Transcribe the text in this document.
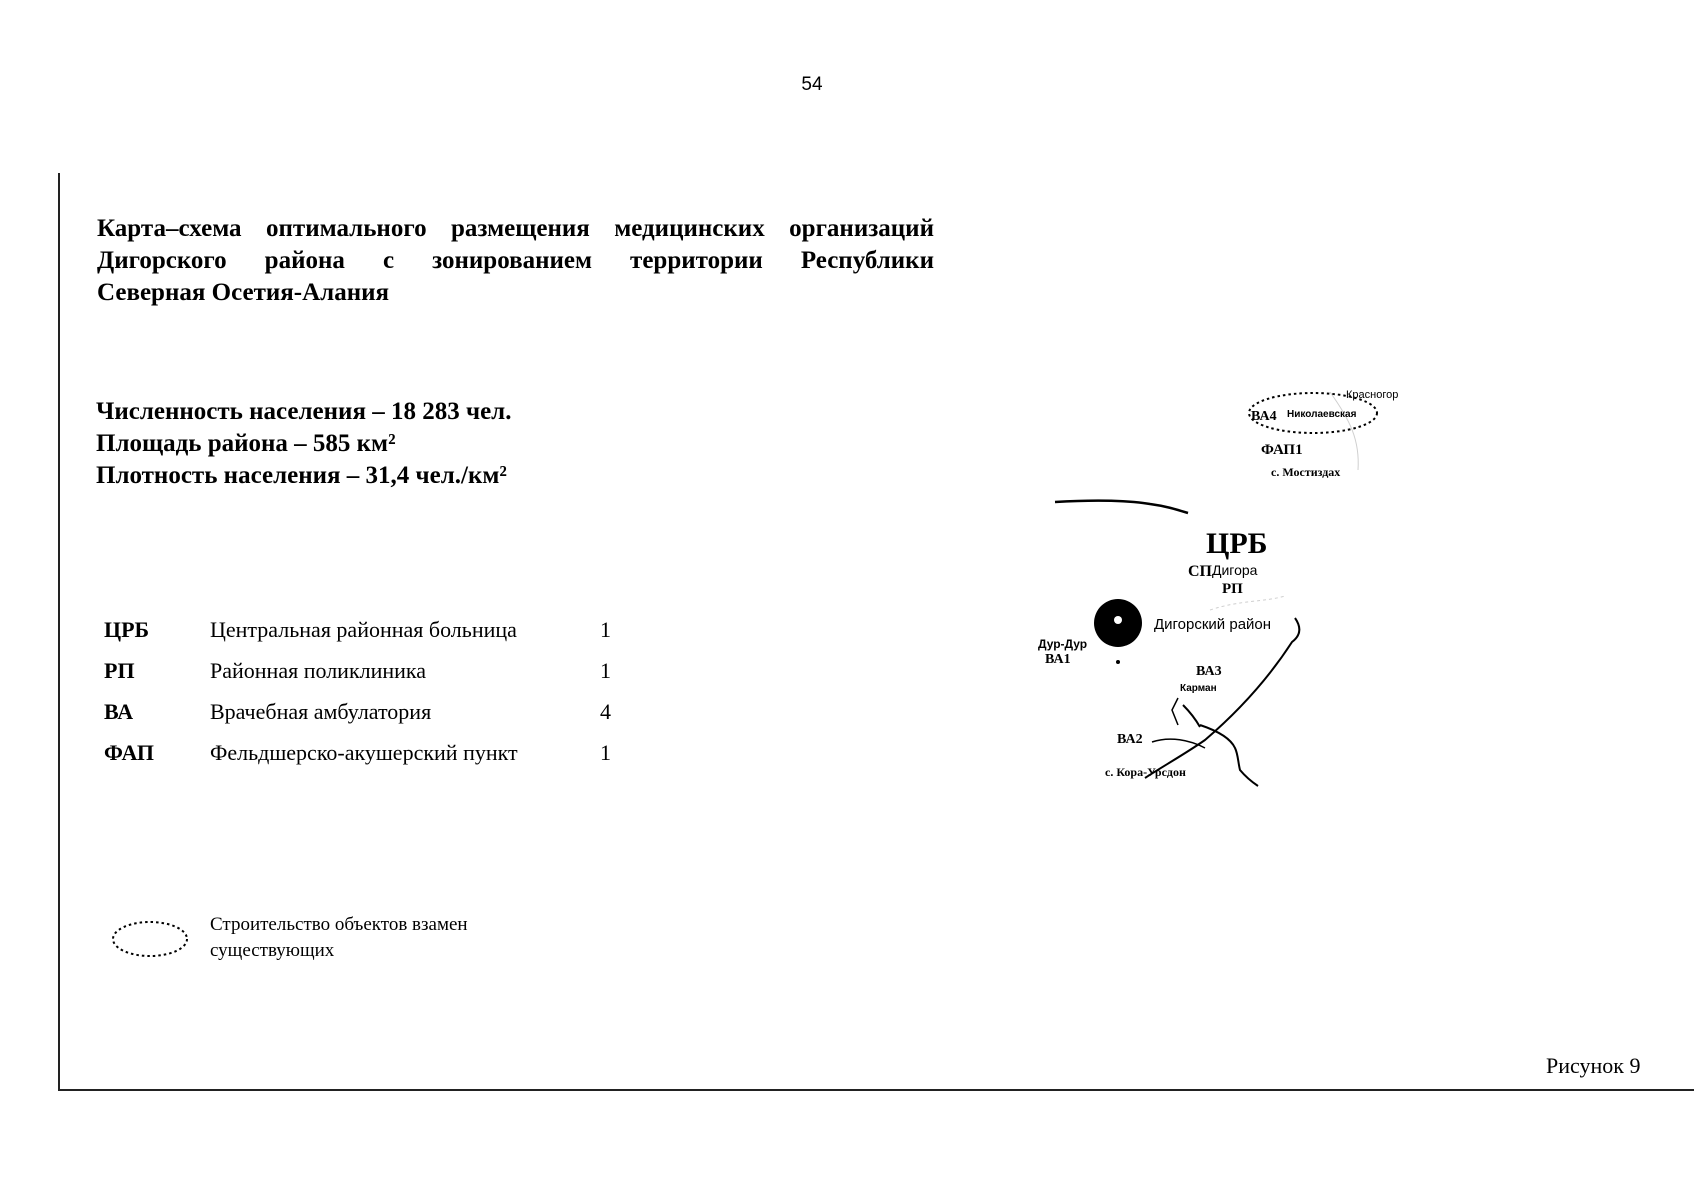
54
Карта–схема оптимального размещения медицинских организаций
Дигорского района с зонированием территории Республики
Северная Осетия-Алания
Численность населения – 18 283 чел.
Площадь района – 585 км²
Плотность населения – 31,4 чел./км²
ЦРБ	Центральная районная больница	1
РП	Районная поликлиника	1
ВА	Врачебная амбулатория	4
ФАП	Фельдшерско-акушерский пункт	1
Строительство объектов взамен
существующих
Красногор
ВА4 Николаевская
ФАП1
с. Мостиздах
ЦРБ
СП Дигора
РП
Дигорский район
Дур-Дур
ВА1
ВА3
Карман
ВА2
с. Кора-Урсдон
Рисунок 9
